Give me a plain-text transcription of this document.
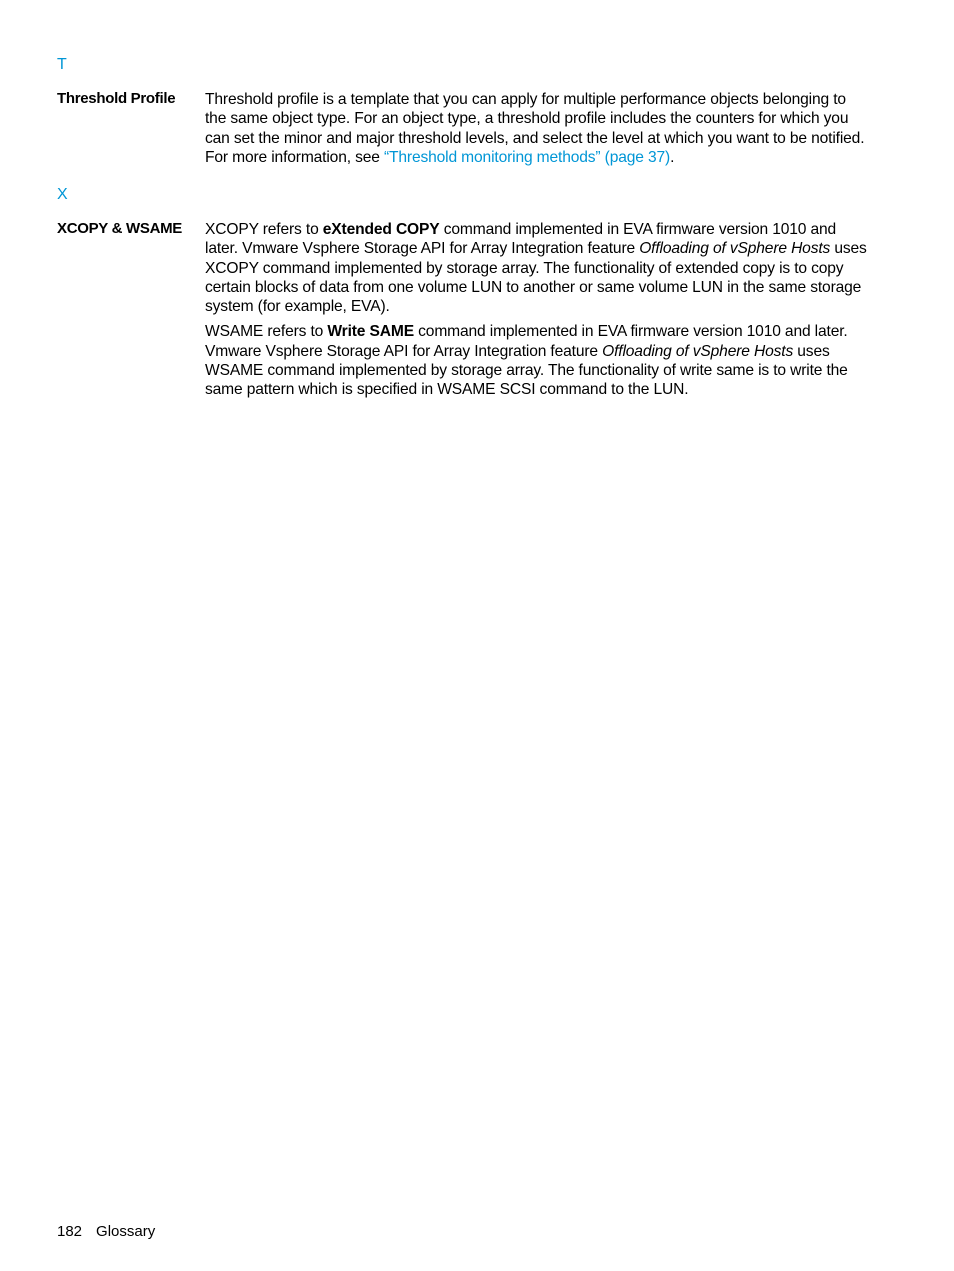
T
Threshold Profile Threshold profile is a template that you can apply for multiple performance objects belonging to the same object type. For an object type, a threshold profile includes the counters for which you can set the minor and major threshold levels, and select the level at which you want to be notified. For more information, see “Threshold monitoring methods” (page 37).

X
XCOPY & WSAME XCOPY refers to eXtended COPY command implemented in EVA firmware version 1010 and later. Vmware Vsphere Storage API for Array Integration feature Offloading of vSphere Hosts uses XCOPY command implemented by storage array. The functionality of extended copy is to copy certain blocks of data from one volume LUN to another or same volume LUN in the same storage system (for example, EVA).

WSAME refers to Write SAME command implemented in EVA firmware version 1010 and later. Vmware Vsphere Storage API for Array Integration feature Offloading of vSphere Hosts uses WSAME command implemented by storage array. The functionality of write same is to write the same pattern which is specified in WSAME SCSI command to the LUN.

182 Glossary
